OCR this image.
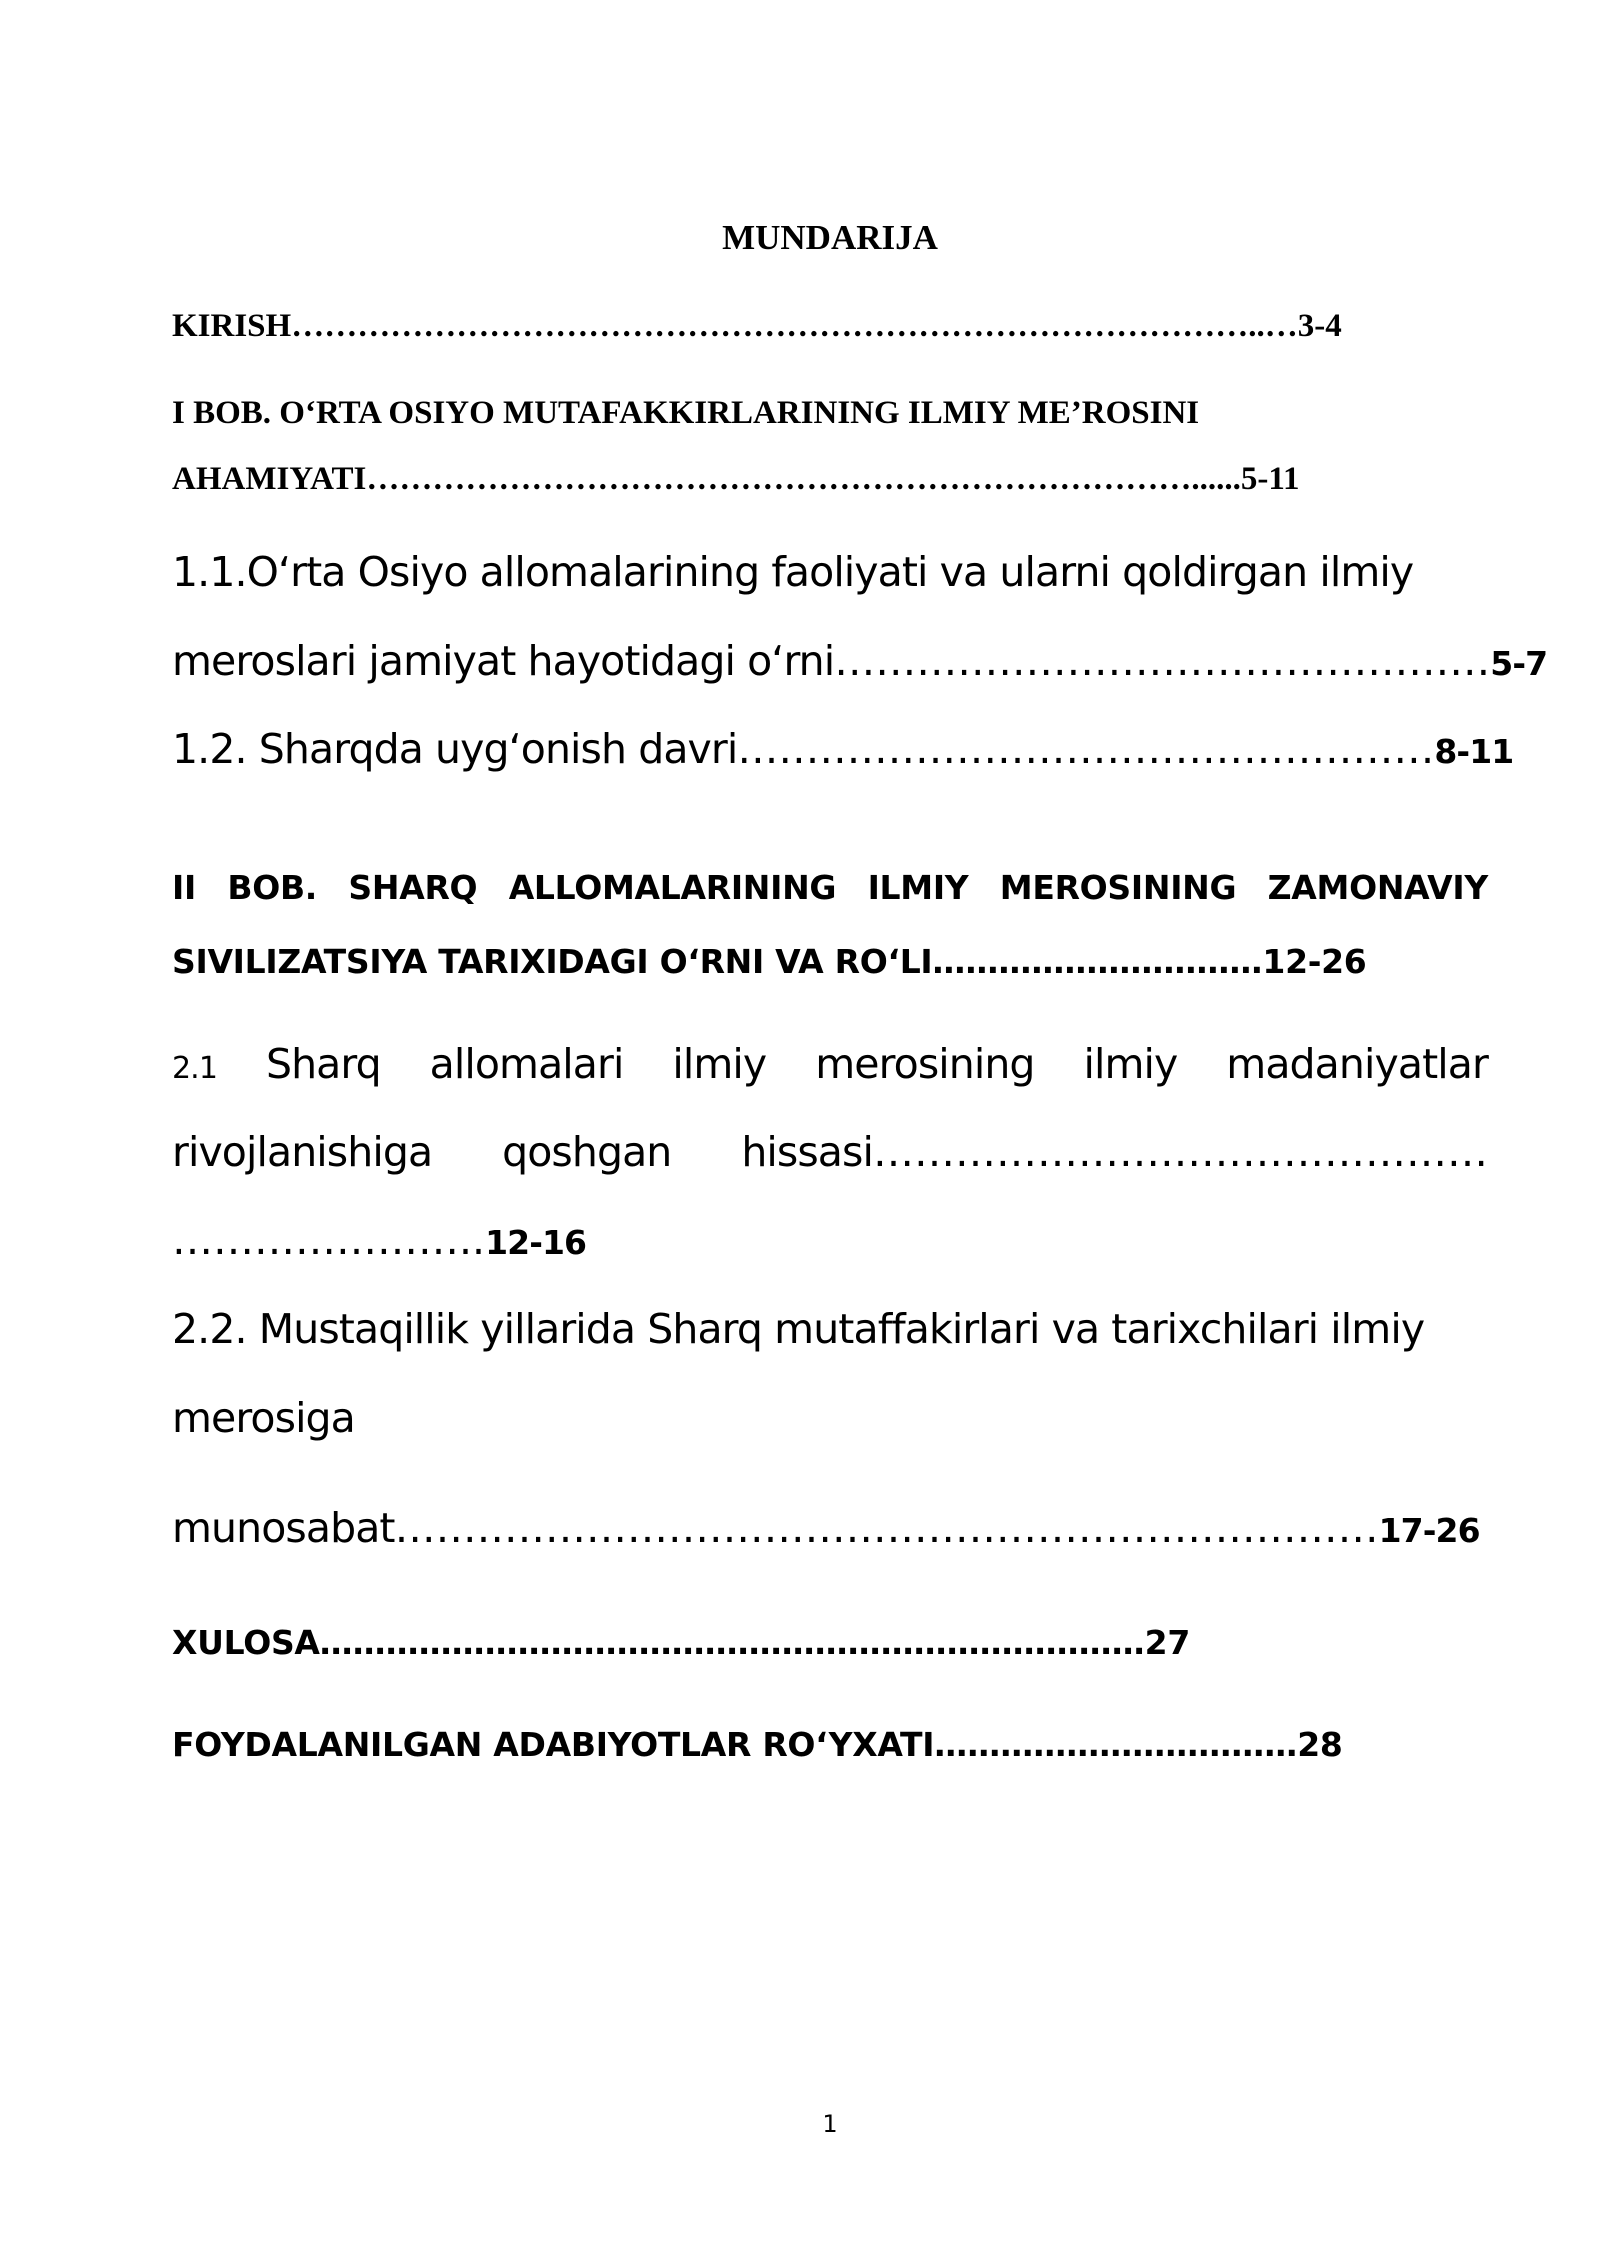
MUNDARIJA
KIRISH……………………………………………………………………………..…3-4
I BOB. O‘RTA OSIYO MUTAFAKKIRLARINING ILMIY ME’ROSINI
AHAMIYATI…………………………………………………………………......5-11
1.1.O‘rta Osiyo allomalarining faoliyati va ularni qoldirgan ilmiy
meroslari jamiyat hayotidagi o‘rni…………………………………………5-7
1.2. Sharqda uyg‘onish davri……………………………………………8-11
II BOB. SHARQ ALLOMALARINING ILMIY MEROSINING ZAMONAVIY
SIVILIZATSIYA TARIXIDAGI O‘RNI VA RO‘LI…………………………12-26
2.1 Sharq allomalari ilmiy merosining ilmiy madaniyatlar
rivojlanishiga qoshgan hissasi………………………………………
…………………..12-16
2.2. Mustaqillik yillarida Sharq mutaffakirlari va tarixchilari ilmiy
merosiga
munosabat………………………………………………………………17-26
XULOSA…………………………………………………………………27
FOYDALANILGAN ADABIYOTLAR RO‘YXATI……………………………28
1
